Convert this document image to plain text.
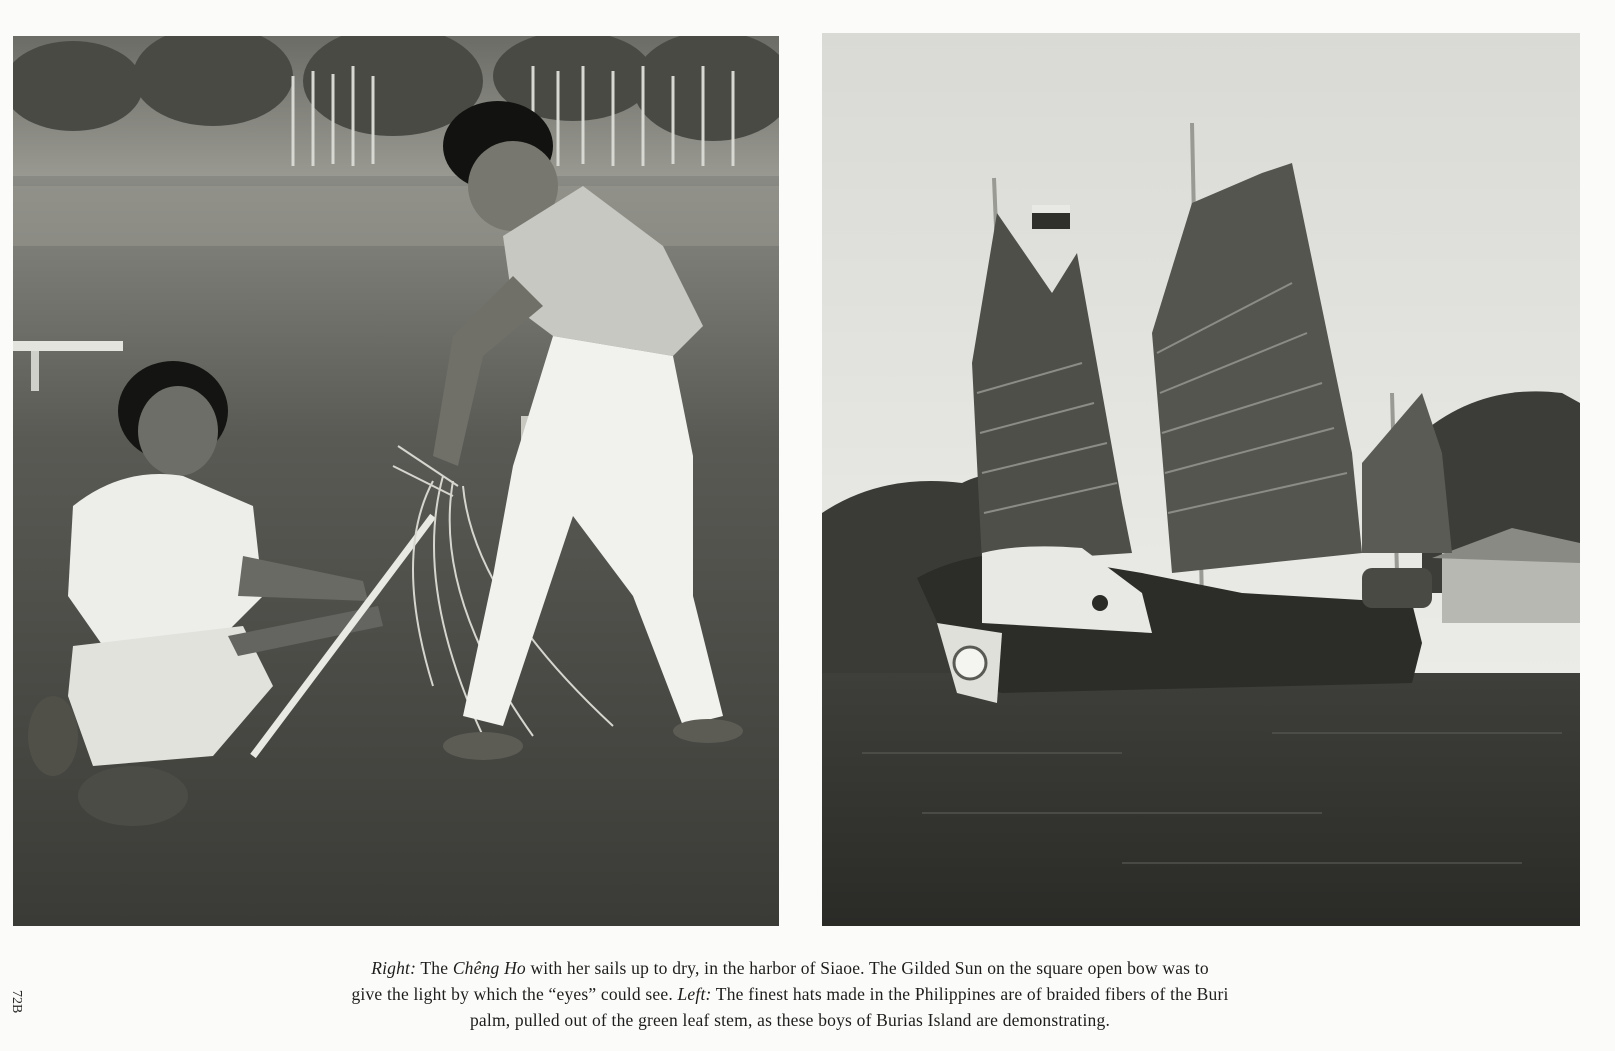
Right: The Chêng Ho with her sails up to dry, in the harbor of Siaoe. The Gilded Sun on the square open bow was to
give the light by which the “eyes” could see. Left: The finest hats made in the Philippines are of braided fibers of the Buri
palm, pulled out of the green leaf stem, as these boys of Burias Island are demonstrating.
72B
